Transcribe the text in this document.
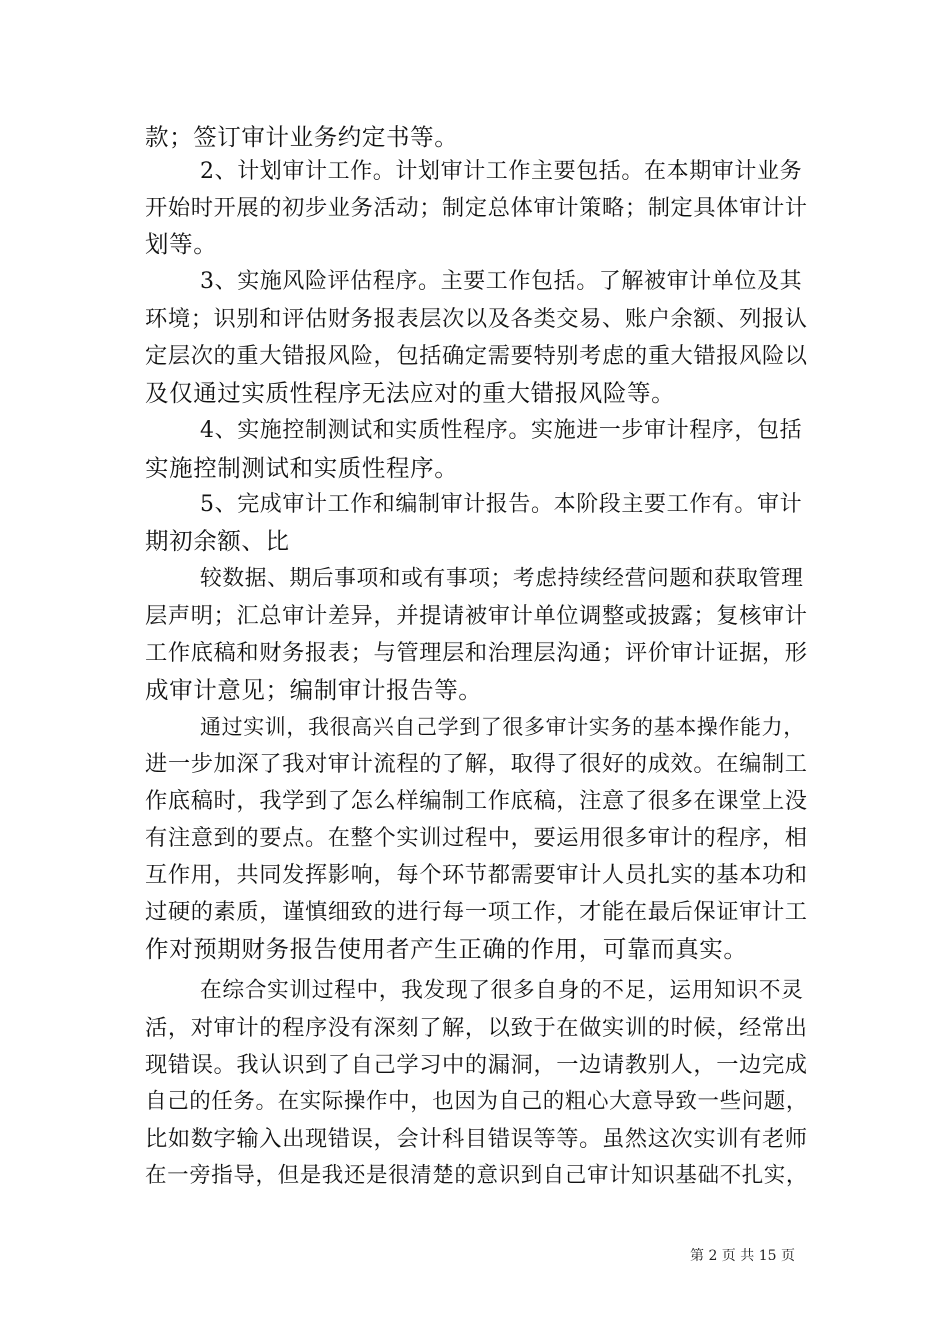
款；签订审计业务约定书等。
2、计划审计工作。计划审计工作主要包括。在本期审计业务
开始时开展的初步业务活动；制定总体审计策略；制定具体审计计
划等。
3、实施风险评估程序。主要工作包括。了解被审计单位及其
环境；识别和评估财务报表层次以及各类交易、账户余额、列报认
定层次的重大错报风险，包括确定需要特别考虑的重大错报风险以
及仅通过实质性程序无法应对的重大错报风险等。
4、实施控制测试和实质性程序。实施进一步审计程序，包括
实施控制测试和实质性程序。
5、完成审计工作和编制审计报告。本阶段主要工作有。审计
期初余额、比
较数据、期后事项和或有事项；考虑持续经营问题和获取管理
层声明；汇总审计差异，并提请被审计单位调整或披露；复核审计
工作底稿和财务报表；与管理层和治理层沟通；评价审计证据，形
成审计意见；编制审计报告等。
通过实训，我很高兴自己学到了很多审计实务的基本操作能力，
进一步加深了我对审计流程的了解，取得了很好的成效。在编制工
作底稿时，我学到了怎么样编制工作底稿，注意了很多在课堂上没
有注意到的要点。在整个实训过程中，要运用很多审计的程序，相
互作用，共同发挥影响，每个环节都需要审计人员扎实的基本功和
过硬的素质，谨慎细致的进行每一项工作，才能在最后保证审计工
作对预期财务报告使用者产生正确的作用，可靠而真实。
在综合实训过程中，我发现了很多自身的不足，运用知识不灵
活，对审计的程序没有深刻了解，以致于在做实训的时候，经常出
现错误。我认识到了自己学习中的漏洞，一边请教别人，一边完成
自己的任务。在实际操作中，也因为自己的粗心大意导致一些问题，
比如数字输入出现错误，会计科目错误等等。虽然这次实训有老师
在一旁指导，但是我还是很清楚的意识到自己审计知识基础不扎实，
第 2 页 共 15 页
